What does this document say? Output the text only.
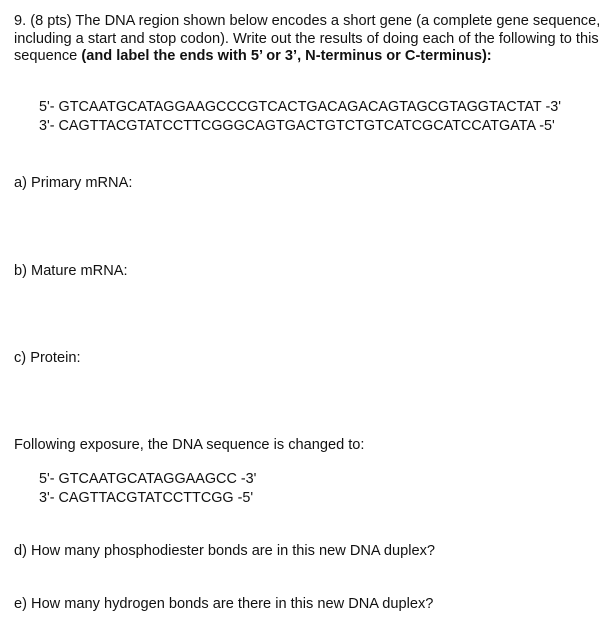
9. (8 pts) The DNA region shown below encodes a short gene (a complete gene sequence, including a start and stop codon). Write out the results of doing each of the following to this sequence (and label the ends with 5’ or 3’, N-terminus or C-terminus):
5'- GTCAATGCATAGGAAGCCCGTCACTGACAGACAGTAGCGTAGGTACTAT -3'
3'- CAGTTACGTATCCTTCGGGCAGTGACTGTCTGTCATCGCATCCATGATA -5'
a) Primary mRNA:
b) Mature mRNA:
c) Protein:
Following exposure, the DNA sequence is changed to:
5'- GTCAATGCATAGGAAGCC -3'
3'- CAGTTACGTATCCTTCGG -5'
d) How many phosphodiester bonds are in this new DNA duplex?
e) How many hydrogen bonds are there in this new DNA duplex?
